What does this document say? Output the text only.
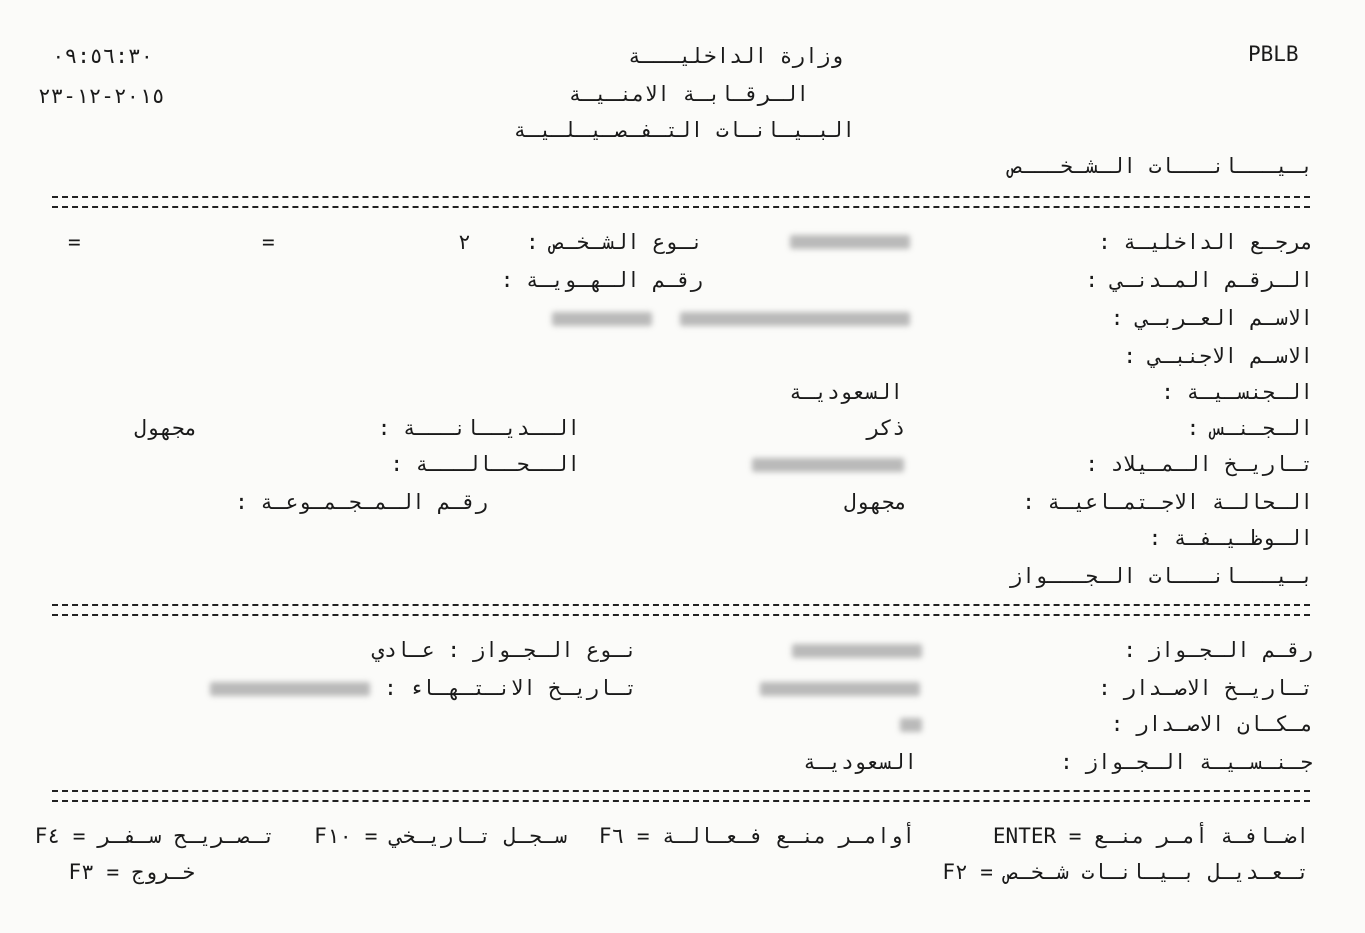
PBLB
٠٩:٥٦:٣٠
٢٠١٥-١٢-٢٣
وزارة الداخليـــة
الـرقـابـة الامنـيـة
البـيـانـات التـفـصـيـلـيـة
بـيـــانـــات الـشـخـــص
مرجـع الداخليـة :
نـوع الشـخـص :
٢
=
=
الـرقـم المـدنـي :
رقـم الـهـويـة :
الاسـم العـربـي :
الاسـم الاجنبـي :
الـجنسـيـة :
السعوديـة
الـجـنـس :
ذكر
الــديــانـــة :
مجهول
تـاريـخ الـمـيلاد :
الــحــالـــة :
الـحالـة الاجـتمـاعيـة :
مجهول
رقـم الـمـجـمـوعـة :
الـوظـيـفـة :
بـيـــانـــات الـجـــواز
رقـم الـجـواز :
نـوع الـجـواز : عـادي
تـاريـخ الاصـدار :
تـاريـخ الانـتـهـاء :
مـكـان الاصـدار :
جـنـسـيـة الـجـواز :
السعوديـة
اضـافـة أمـر منـع = ENTER
أوامـر منـع فـعـالـة = F٦
سـجـل تـاريـخي = F١٠
تـصـريـح سـفـر = F٤
تـعـديـل بـيـانـات شـخـص = F٢
خـروج = F٣
